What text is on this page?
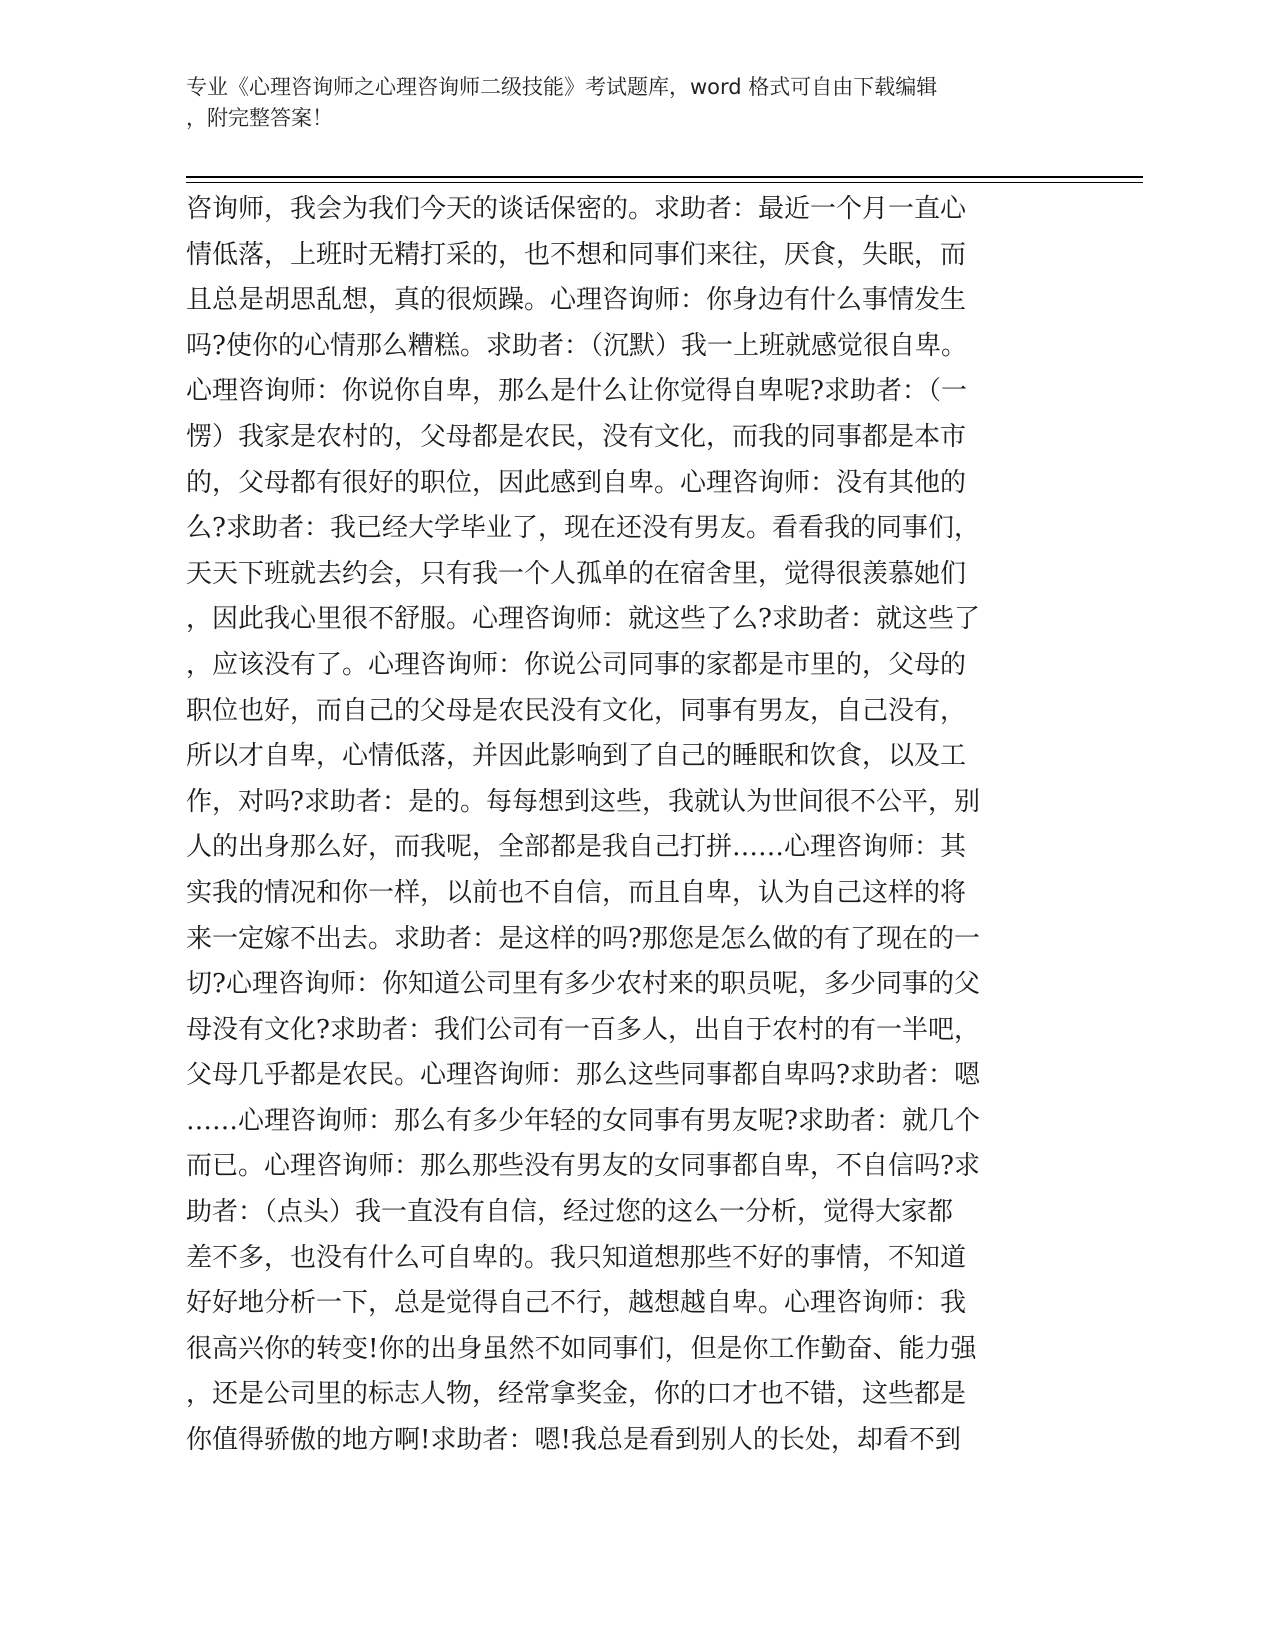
专业《心理咨询师之心理咨询师二级技能》考试题库，word 格式可自由下载编辑
，附完整答案！
咨询师，我会为我们今天的谈话保密的。求助者：最近一个月一直心
情低落，上班时无精打采的，也不想和同事们来往，厌食，失眠，而
且总是胡思乱想，真的很烦躁。心理咨询师：你身边有什么事情发生
吗?使你的心情那么糟糕。求助者：（沉默）我一上班就感觉很自卑。
心理咨询师：你说你自卑，那么是什么让你觉得自卑呢?求助者：（一
愣）我家是农村的，父母都是农民，没有文化，而我的同事都是本市
的，父母都有很好的职位，因此感到自卑。心理咨询师：没有其他的
么?求助者：我已经大学毕业了，现在还没有男友。看看我的同事们，
天天下班就去约会，只有我一个人孤单的在宿舍里，觉得很羡慕她们
，因此我心里很不舒服。心理咨询师：就这些了么?求助者：就这些了
，应该没有了。心理咨询师：你说公司同事的家都是市里的，父母的
职位也好，而自己的父母是农民没有文化，同事有男友，自己没有，
所以才自卑，心情低落，并因此影响到了自己的睡眠和饮食，以及工
作，对吗?求助者：是的。每每想到这些，我就认为世间很不公平，别
人的出身那么好，而我呢，全部都是我自己打拼……心理咨询师：其
实我的情况和你一样，以前也不自信，而且自卑，认为自己这样的将
来一定嫁不出去。求助者：是这样的吗?那您是怎么做的有了现在的一
切?心理咨询师：你知道公司里有多少农村来的职员呢，多少同事的父
母没有文化?求助者：我们公司有一百多人，出自于农村的有一半吧，
父母几乎都是农民。心理咨询师：那么这些同事都自卑吗?求助者：嗯
……心理咨询师：那么有多少年轻的女同事有男友呢?求助者：就几个
而已。心理咨询师：那么那些没有男友的女同事都自卑，不自信吗?求
助者：（点头）我一直没有自信，经过您的这么一分析，觉得大家都
差不多，也没有什么可自卑的。我只知道想那些不好的事情，不知道
好好地分析一下，总是觉得自己不行，越想越自卑。心理咨询师：我
很高兴你的转变!你的出身虽然不如同事们，但是你工作勤奋、能力强
，还是公司里的标志人物，经常拿奖金，你的口才也不错，这些都是
你值得骄傲的地方啊!求助者：嗯!我总是看到别人的长处，却看不到
